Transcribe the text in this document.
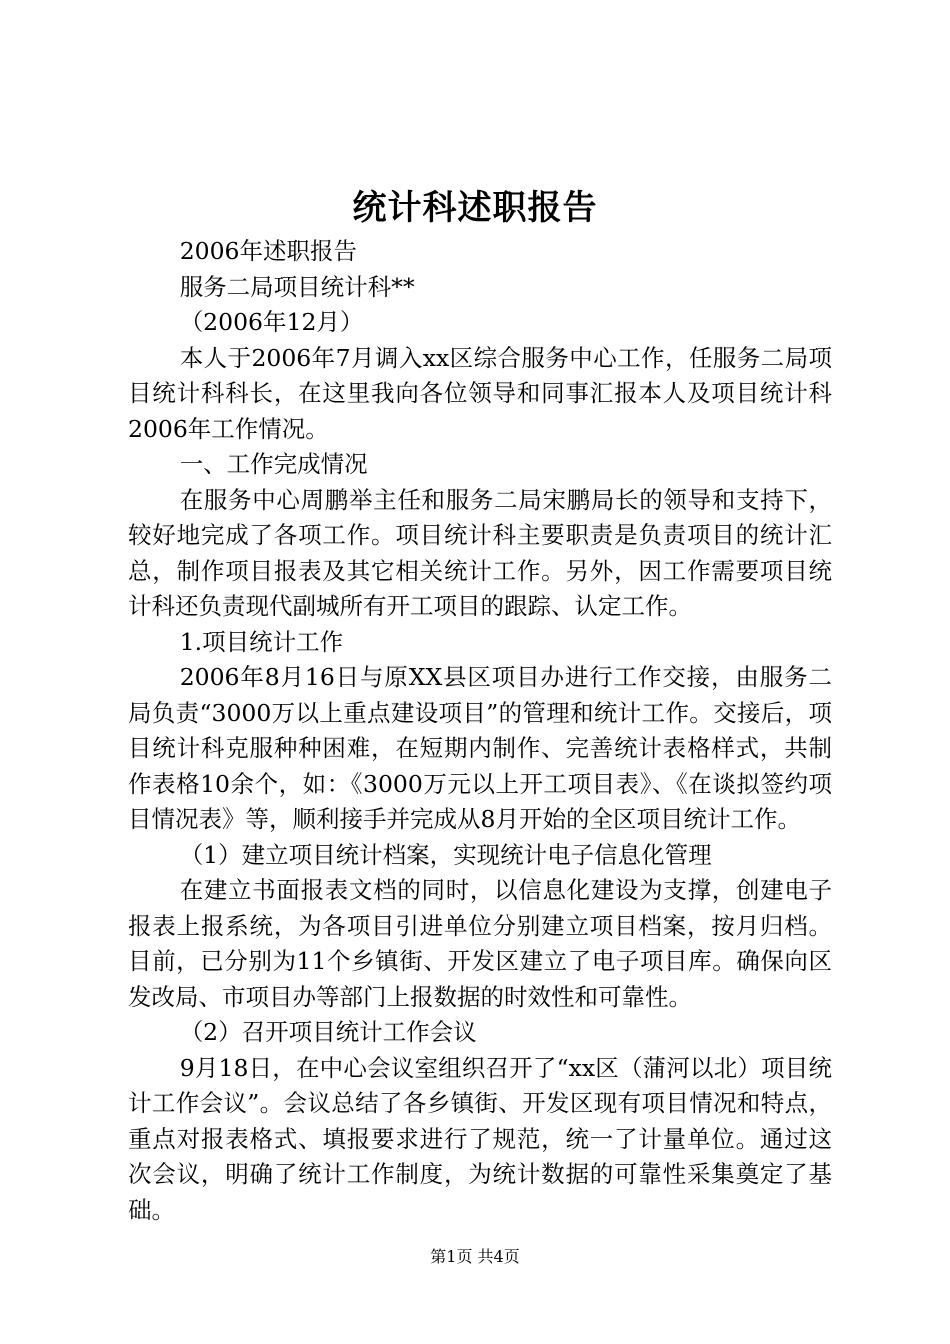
统计科述职报告

2006年述职报告

服务二局项目统计科**

（2006年12月）

本人于2006年7月调入xx区综合服务中心工作，任服务二局项目统计科科长，在这里我向各位领导和同事汇报本人及项目统计科2006年工作情况。

一、工作完成情况

在服务中心周鹏举主任和服务二局宋鹏局长的领导和支持下，较好地完成了各项工作。项目统计科主要职责是负责项目的统计汇总，制作项目报表及其它相关统计工作。另外，因工作需要项目统计科还负责现代副城所有开工项目的跟踪、认定工作。

1.项目统计工作

2006年8月16日与原XX县区项目办进行工作交接，由服务二局负责“3000万以上重点建设项目”的管理和统计工作。交接后，项目统计科克服种种困难，在短期内制作、完善统计表格样式，共制作表格10余个，如：《3000万元以上开工项目表》、《在谈拟签约项目情况表》等，顺利接手并完成从8月开始的全区项目统计工作。

（1）建立项目统计档案，实现统计电子信息化管理

在建立书面报表文档的同时，以信息化建设为支撑，创建电子报表上报系统，为各项目引进单位分别建立项目档案，按月归档。目前，已分别为11个乡镇街、开发区建立了电子项目库。确保向区发改局、市项目办等部门上报数据的时效性和可靠性。

（2）召开项目统计工作会议

9月18日，在中心会议室组织召开了“xx区（蒲河以北）项目统计工作会议”。会议总结了各乡镇街、开发区现有项目情况和特点，重点对报表格式、填报要求进行了规范，统一了计量单位。通过这次会议，明确了统计工作制度，为统计数据的可靠性采集奠定了基础。

第1页 共4页
